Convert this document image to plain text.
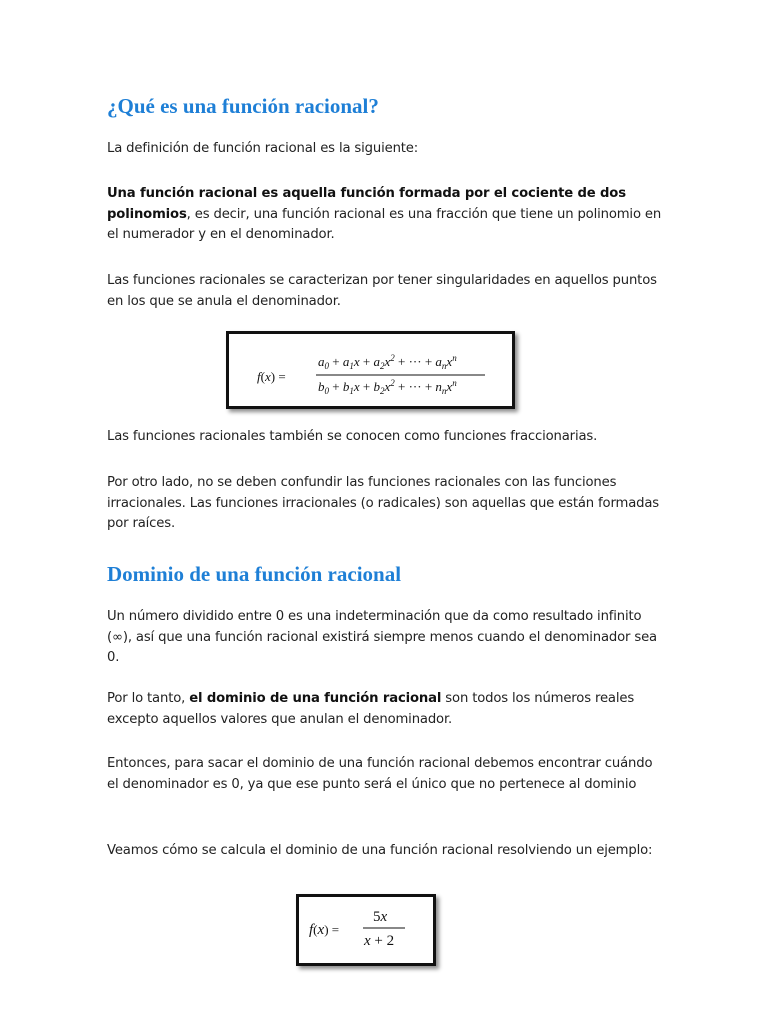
¿Qué es una función racional?

La definición de función racional es la siguiente:

Una función racional es aquella función formada por el cociente de dos polinomios, es decir, una función racional es una fracción que tiene un polinomio en el numerador y en el denominador.

Las funciones racionales se caracterizan por tener singularidades en aquellos puntos en los que se anula el denominador.

f(x) =
$a_0 + a_1x + a_2x^2$ + ··· + $a_nx^n$
$b_0 + b_1x + b_2x^2$ + ··· + $n_nx^n$

Las funciones racionales también se conocen como funciones fraccionarias.

Por otro lado, no se deben confundir las funciones racionales con las funciones irracionales. Las funciones irracionales (o radicales) son aquellas que están formadas por raíces.

Dominio de una función racional

Un número dividido entre 0 es una indeterminación que da como resultado infinito (∞), así que una función racional existirá siempre menos cuando el denominador sea 0.

Por lo tanto, el dominio de una función racional son todos los números reales excepto aquellos valores que anulan el denominador.

Entonces, para sacar el dominio de una función racional debemos encontrar cuándo el denominador es 0, ya que ese punto será el único que no pertenece al dominio

Veamos cómo se calcula el dominio de una función racional resolviendo un ejemplo:

f(x) =
5x
x + 2
